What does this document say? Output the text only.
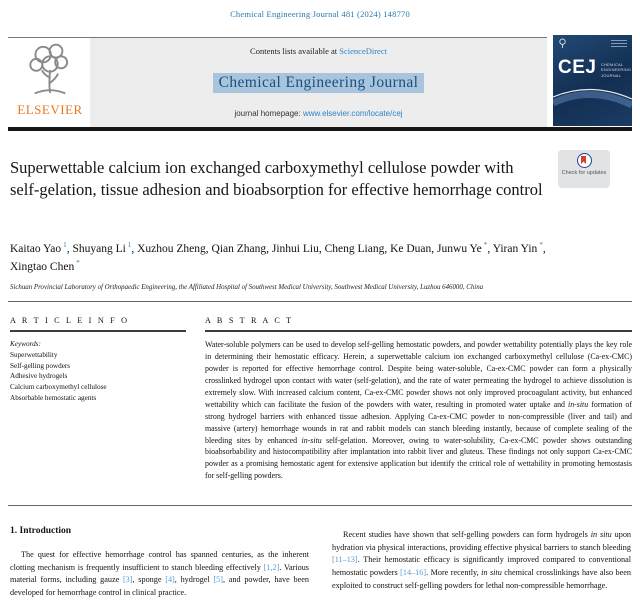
Chemical Engineering Journal 481 (2024) 148770
ELSEVIER
Contents lists available at ScienceDirect
Chemical Engineering Journal
journal homepage: www.elsevier.com/locate/cej
CEJ CHEMICAL
ENGINEERING
JOURNAL
Check for updates
Superwettable calcium ion exchanged carboxymethyl cellulose powder with self-gelation, tissue adhesion and bioabsorption for effective hemorrhage control
Kaitao Yao $^1$, Shuyang Li $^1$, Xuzhou Zheng, Qian Zhang, Jinhui Liu, Cheng Liang, Ke Duan, Junwu Ye *, Yiran Yin *, Xingtao Chen *
Sichuan Provincial Laboratory of Orthopaedic Engineering, the Affiliated Hospital of Southwest Medical University, Southwest Medical University, Luzhou 646000, China
A R T I C L E I N F O
Keywords:
Superwettability
Self-gelling powders
Adhesive hydrogels
Calcium carboxymethyl cellulose
Absorbable hemostatic agents
A B S T R A C T
Water-soluble polymers can be used to develop self-gelling hemostatic powders, and powder wettability potentially plays the key role in determining their hemostatic efficacy. Herein, a superwettable calcium ion exchanged carboxymethyl cellulose (Ca-ex-CMC) powder is reported for effective hemorrhage control. Despite being water-soluble, Ca-ex-CMC powder can form a physically crosslinked hydrogel upon contact with water (self-gelation), and the rate of water permeating the hydrogel to achieve dissolution is extremely slow. With increased calcium content, Ca-ex-CMC powder shows not only improved procoagulant activity, but enhanced wettability which can facilitate the fusion of the powders with water, resulting in promoted water uptake and in-situ formation of strong hydrogel barriers with enhanced tissue adhesion. Applying Ca-ex-CMC powder to non-compressible (liver and tail) and massive (artery) hemorrhage wounds in rat and rabbit models can stanch bleeding instantly, because of complete sealing of the bleeding sites by enhanced in-situ self-gelation. Moreover, owing to water-solubility, Ca-ex-CMC powder shows outstanding bioabsorbability and histocompatibility after implantation into rabbit liver and gluteus. These findings not only support Ca-ex-CMC powder as a promising hemostatic agent for extensive application but identify the critical role of wettability in promoting hemostasis for self-gelling powders.
1. Introduction
The quest for effective hemorrhage control has spanned centuries, as the inherent clotting mechanism is frequently insufficient to stanch bleeding effectively [1,2]. Various material forms, including gauze [3], sponge [4], hydrogel [5], and powder, have been developed for hemorrhage control in clinical practice.
Recent studies have shown that self-gelling powders can form hydrogels in situ upon hydration via physical interactions, providing effective physical barriers to stanch bleeding [11–13]. Their hemostatic efficacy is significantly improved compared to conventional hemostatic powders [14–16]. More recently, in situ chemical crosslinkings have also been exploited to construct self-gelling powders for lethal non-compressible hemorrhage.
